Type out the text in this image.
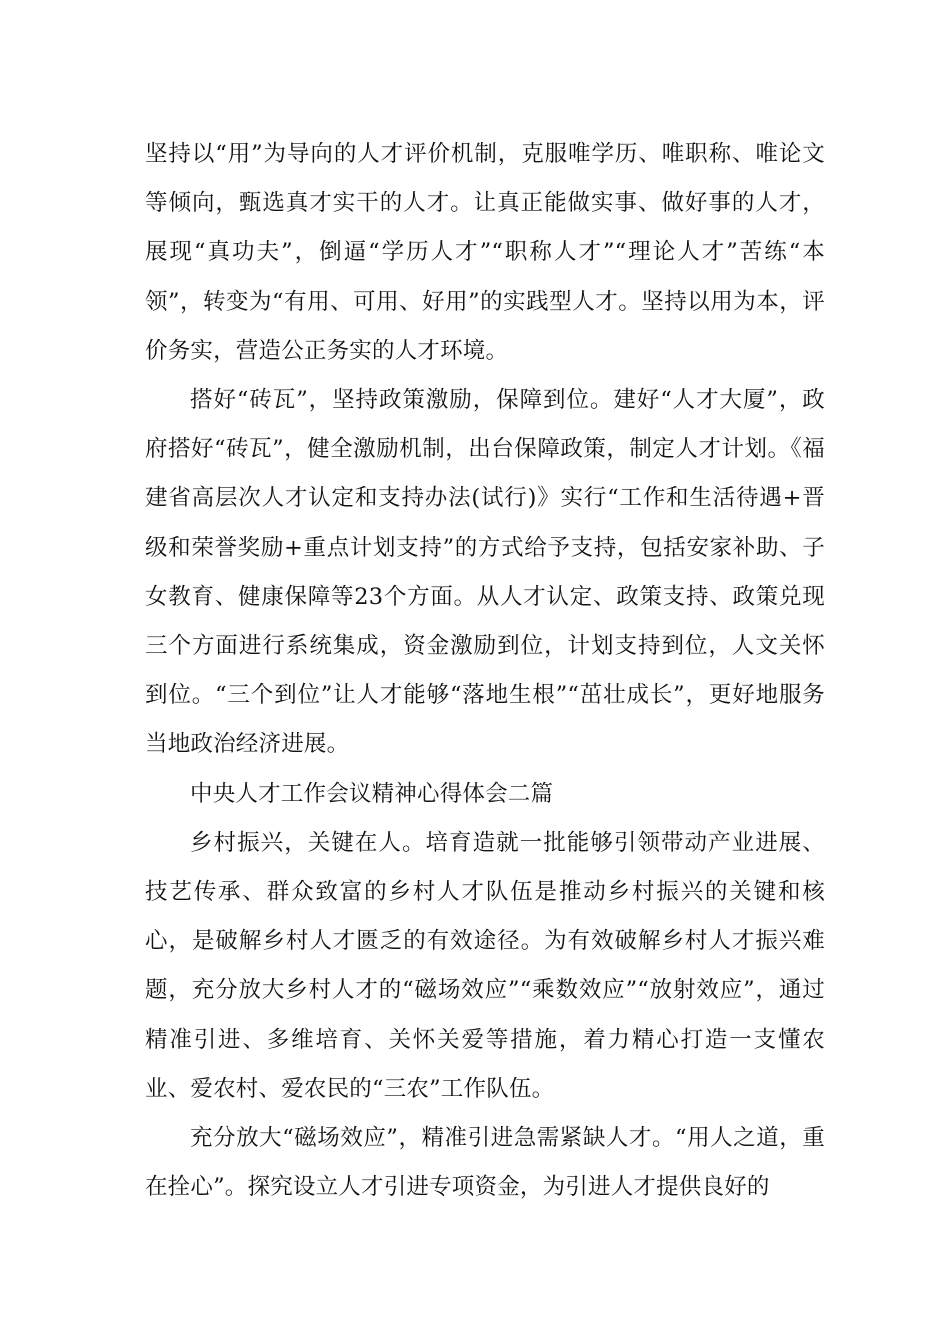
坚持以“用”为导向的人才评价机制，克服唯学历、唯职称、唯论文等倾向，甄选真才实干的人才。让真正能做实事、做好事的人才，展现“真功夫”，倒逼“学历人才”“职称人才”“理论人才”苦练“本领”，转变为“有用、可用、好用”的实践型人才。坚持以用为本，评价务实，营造公正务实的人才环境。

搭好“砖瓦”，坚持政策激励，保障到位。建好“人才大厦”，政府搭好“砖瓦”，健全激励机制，出台保障政策，制定人才计划。《福建省高层次人才认定和支持办法(试行)》实行“工作和生活待遇+晋级和荣誉奖励+重点计划支持”的方式给予支持，包括安家补助、子女教育、健康保障等23个方面。从人才认定、政策支持、政策兑现三个方面进行系统集成，资金激励到位，计划支持到位，人文关怀到位。“三个到位”让人才能够“落地生根”“茁壮成长”，更好地服务当地政治经济进展。

中央人才工作会议精神心得体会二篇

乡村振兴，关键在人。培育造就一批能够引领带动产业进展、技艺传承、群众致富的乡村人才队伍是推动乡村振兴的关键和核心，是破解乡村人才匮乏的有效途径。为有效破解乡村人才振兴难题，充分放大乡村人才的“磁场效应”“乘数效应”“放射效应”，通过精准引进、多维培育、关怀关爱等措施，着力精心打造一支懂农业、爱农村、爱农民的“三农”工作队伍。

充分放大“磁场效应”，精准引进急需紧缺人才。“用人之道，重在拴心”。探究设立人才引进专项资金，为引进人才提供良好的
